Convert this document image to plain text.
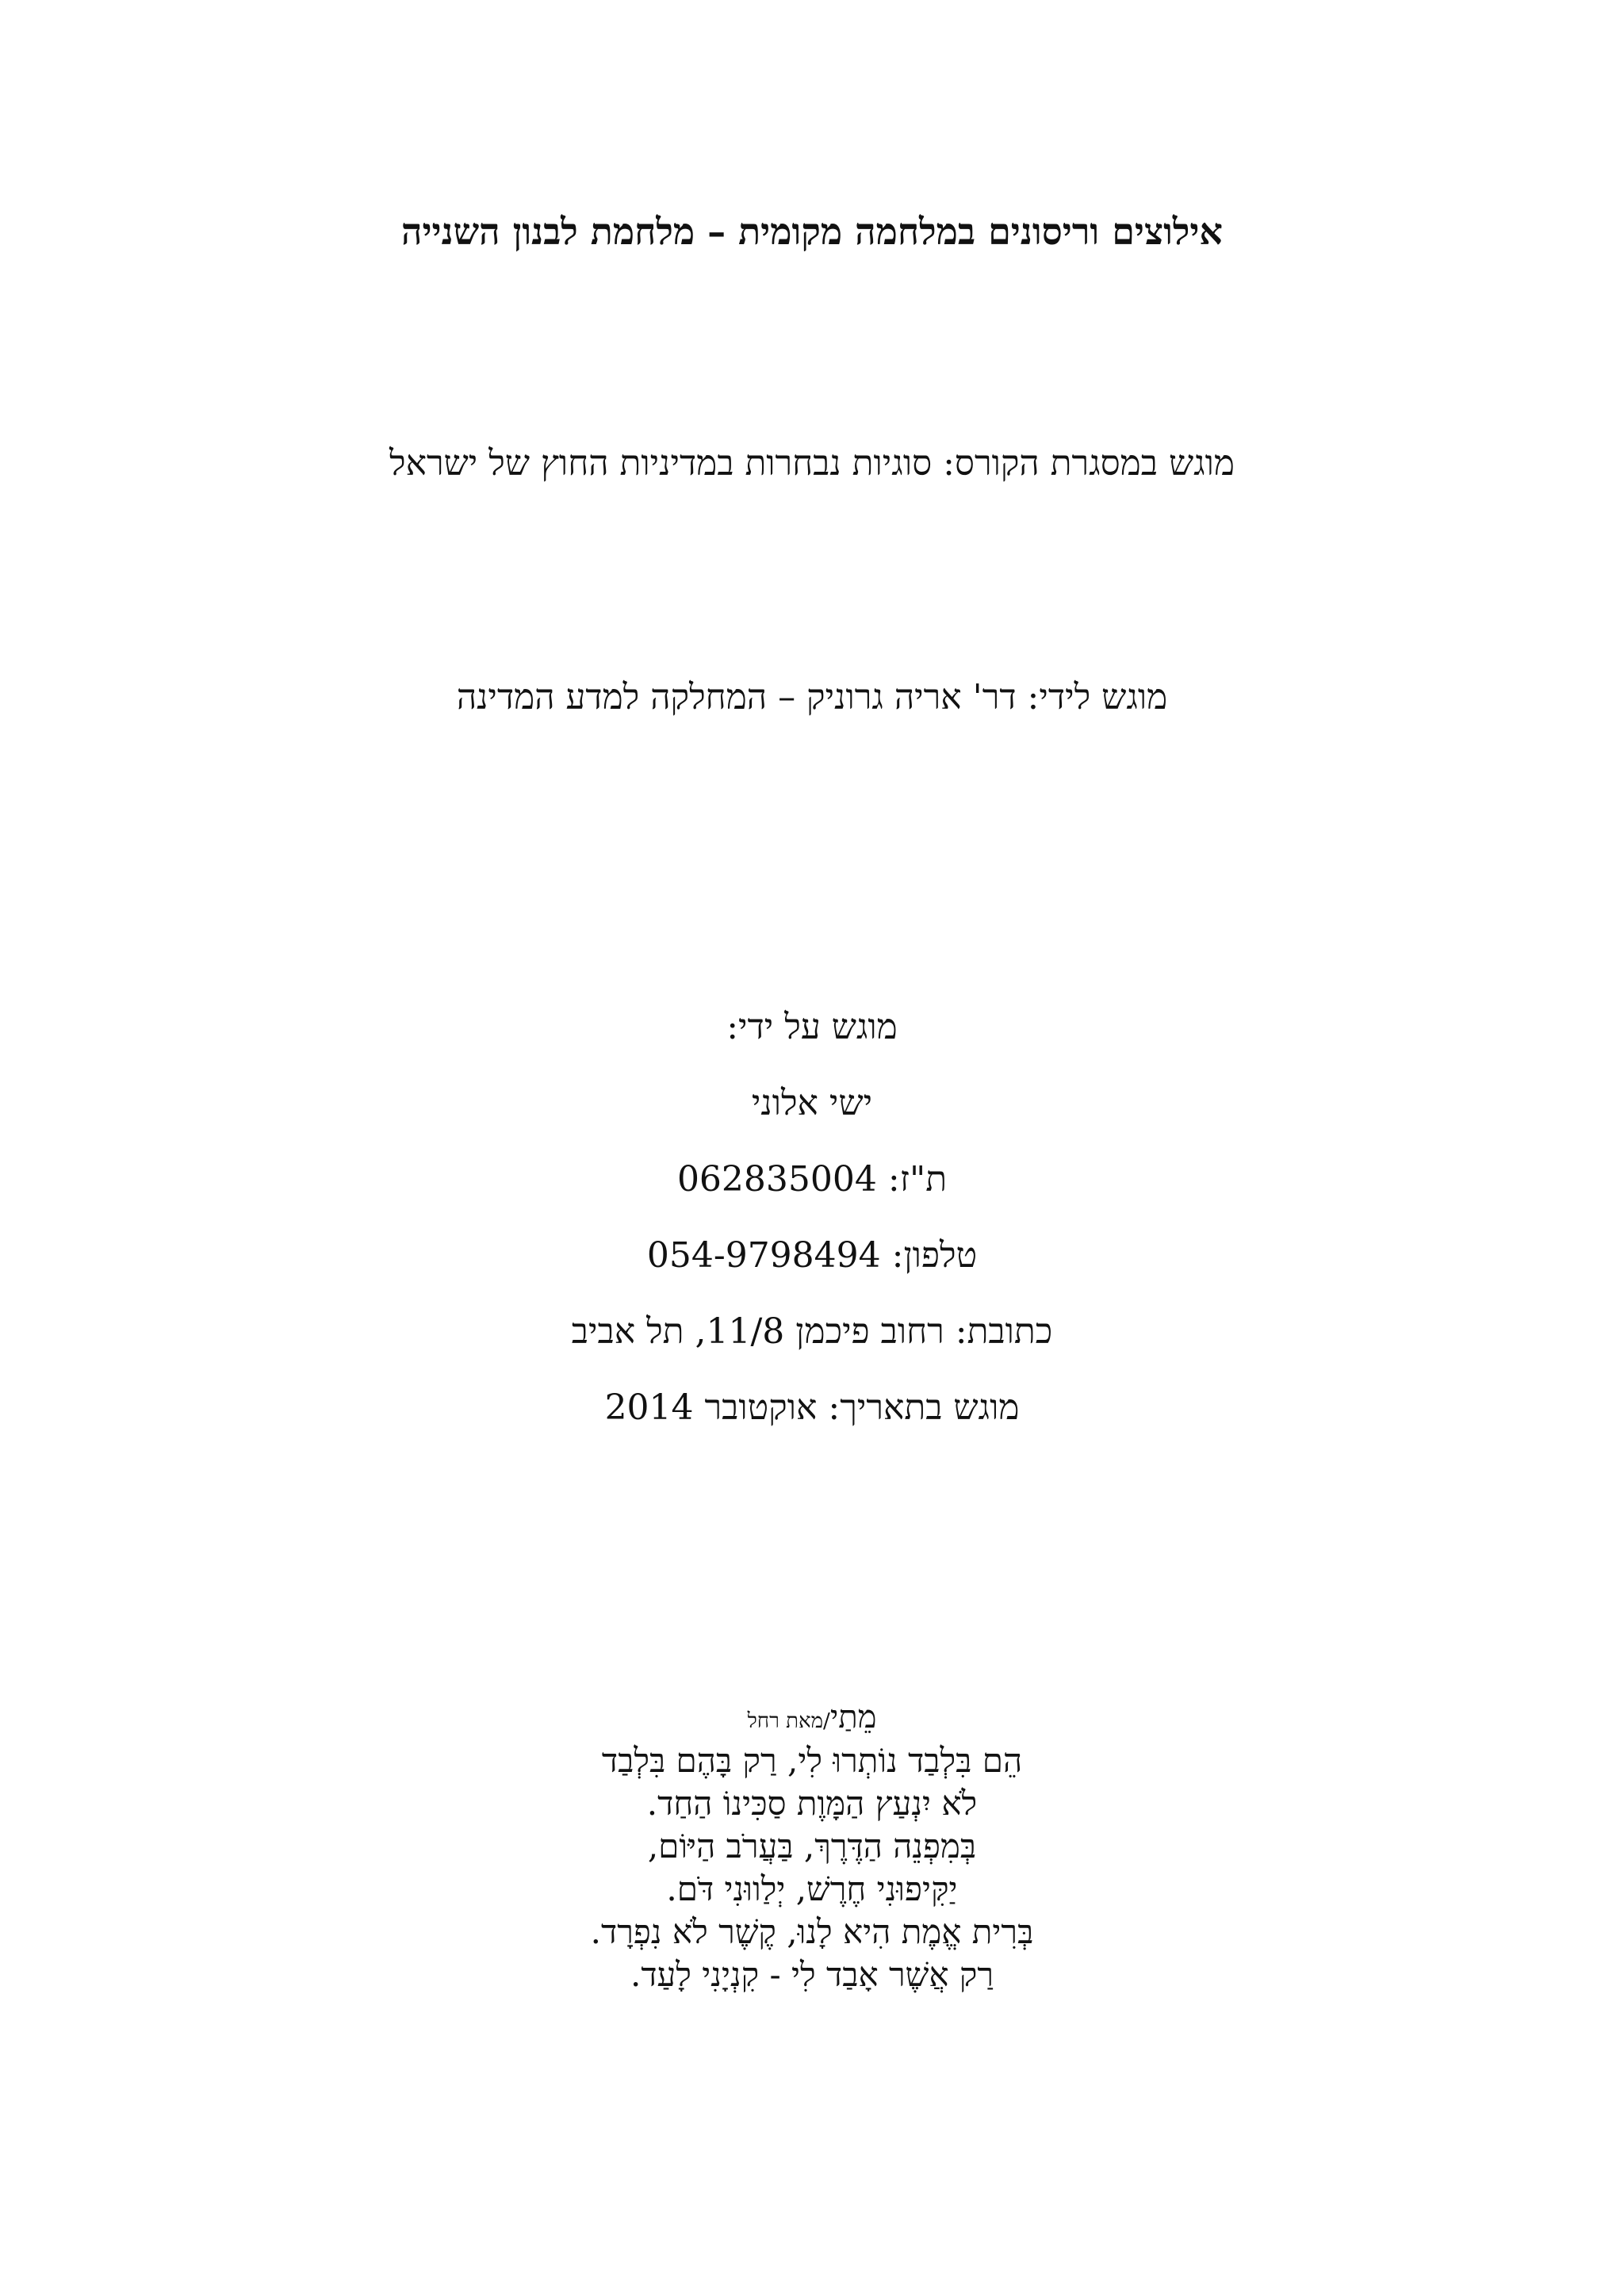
אילוצים וריסונים במלחמה מקומית – מלחמת לבנון השנייה

מוגש במסגרת הקורס: סוגיות נבחרות במדיניות החוץ של ישראל

מוגש לידי: דר' אריה גרוניק – המחלקה למדע המדינה

מוגש על ידי:
ישי אלוני
ת"ז: 062835004
טלפון: 054-9798494
כתובת: רחוב פיכמן 11/8, תל אביב
מוגש בתאריך: אוקטובר 2014
מֵתַי/מאת רחל
הֵם בִּלְבַד נוֹתְרוּ לִי, רַק בָּהֶם בִּלְבַד
לֹא יִנְעַץ הַמָּוֶת סַכִּינוֹ הַחַד.
בְּמִפְנֵה הַדֶּרֶךְ, בַּעֲרֹב הַיּוֹם,
יַקִּיפוּנִי חֶרֶשׁ, יְלַווּנִי דֹּם.
בְּרִית אֱמֶת הִיא לָנוּ, קֶשֶׁר לֹא נִפְרָד.
רַק אֲשֶׁר אָבַד לִי - קִנְיָנִי לָעַד.
